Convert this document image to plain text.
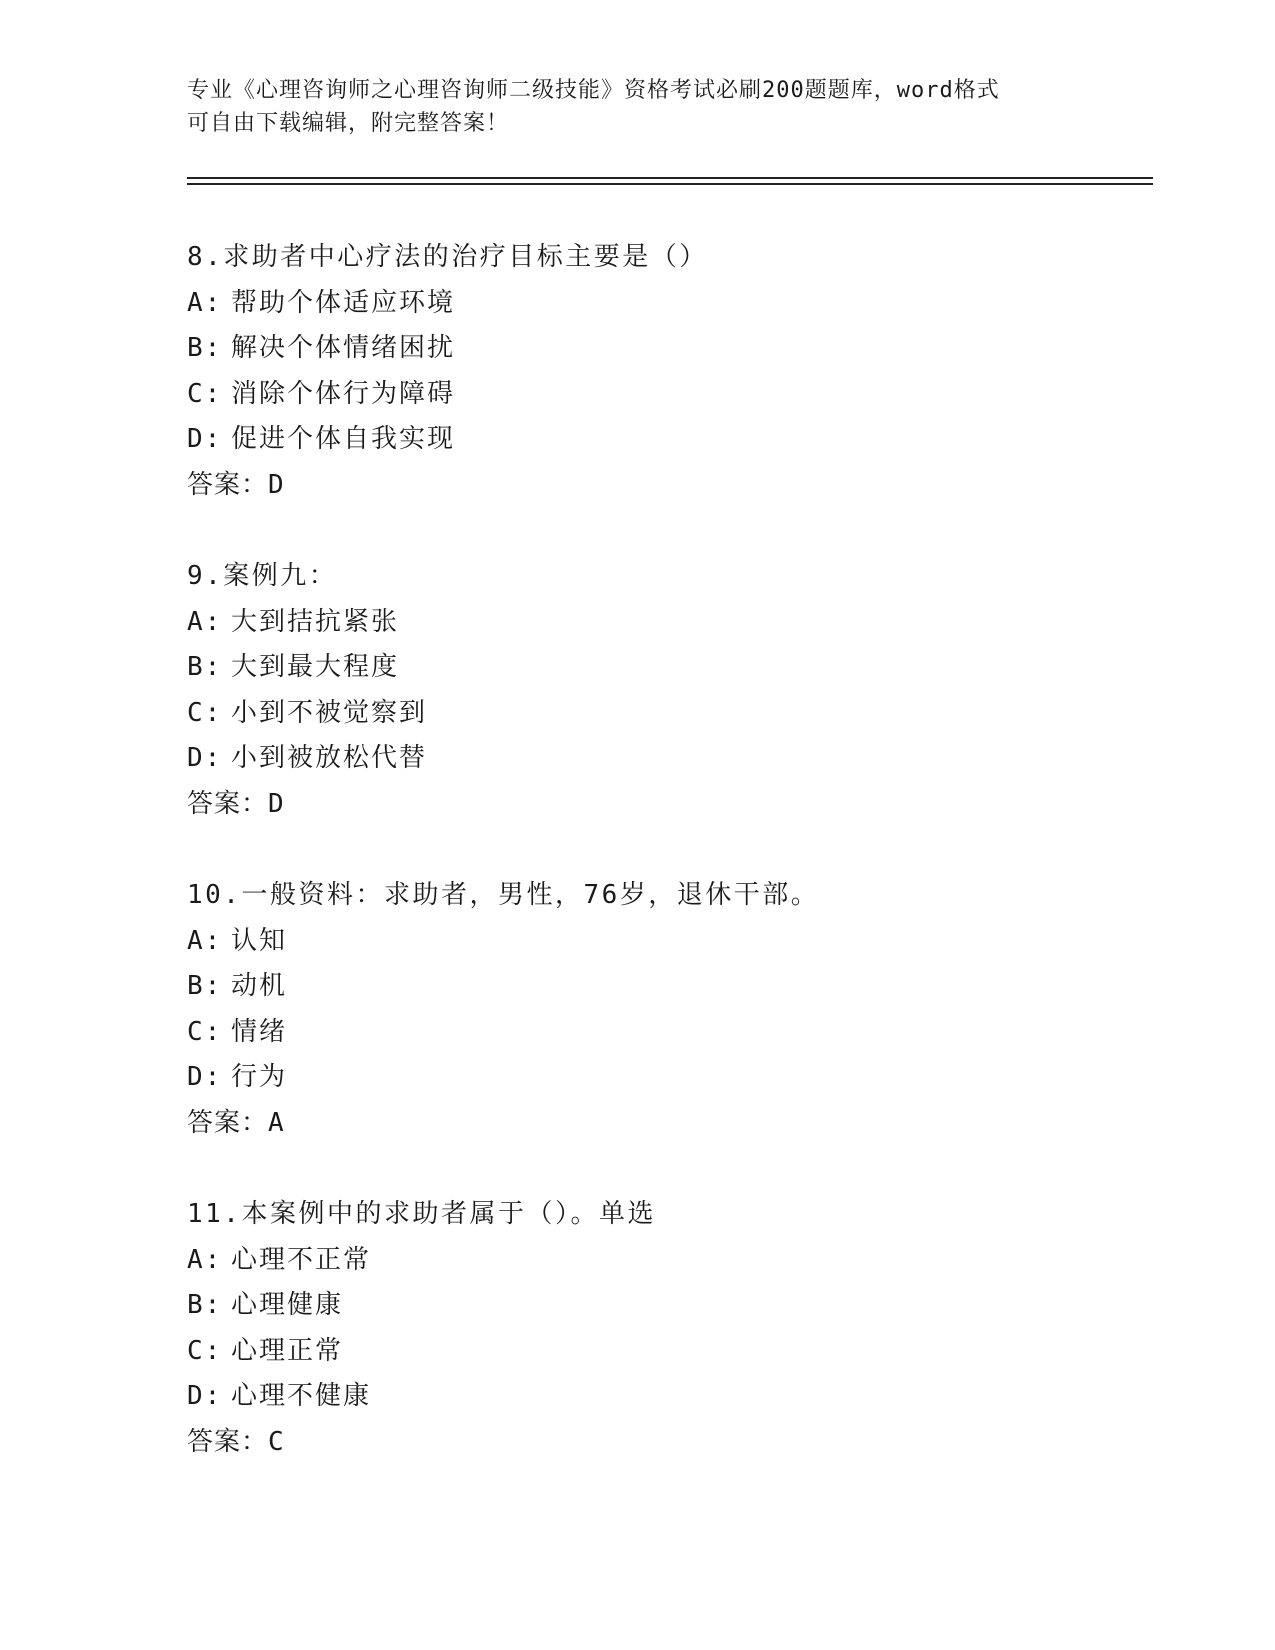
专业《心理咨询师之心理咨询师二级技能》资格考试必刷200题题库，word格式
可自由下载编辑，附完整答案！
8.求助者中心疗法的治疗目标主要是（）
A: 帮助个体适应环境
B: 解决个体情绪困扰
C: 消除个体行为障碍
D: 促进个体自我实现
答案：D
9.案例九：
A: 大到拮抗紧张
B: 大到最大程度
C: 小到不被觉察到
D: 小到被放松代替
答案：D
10.一般资料：求助者，男性，76岁，退休干部。
A: 认知
B: 动机
C: 情绪
D: 行为
答案：A
11.本案例中的求助者属于（）。单选
A: 心理不正常
B: 心理健康
C: 心理正常
D: 心理不健康
答案：C
